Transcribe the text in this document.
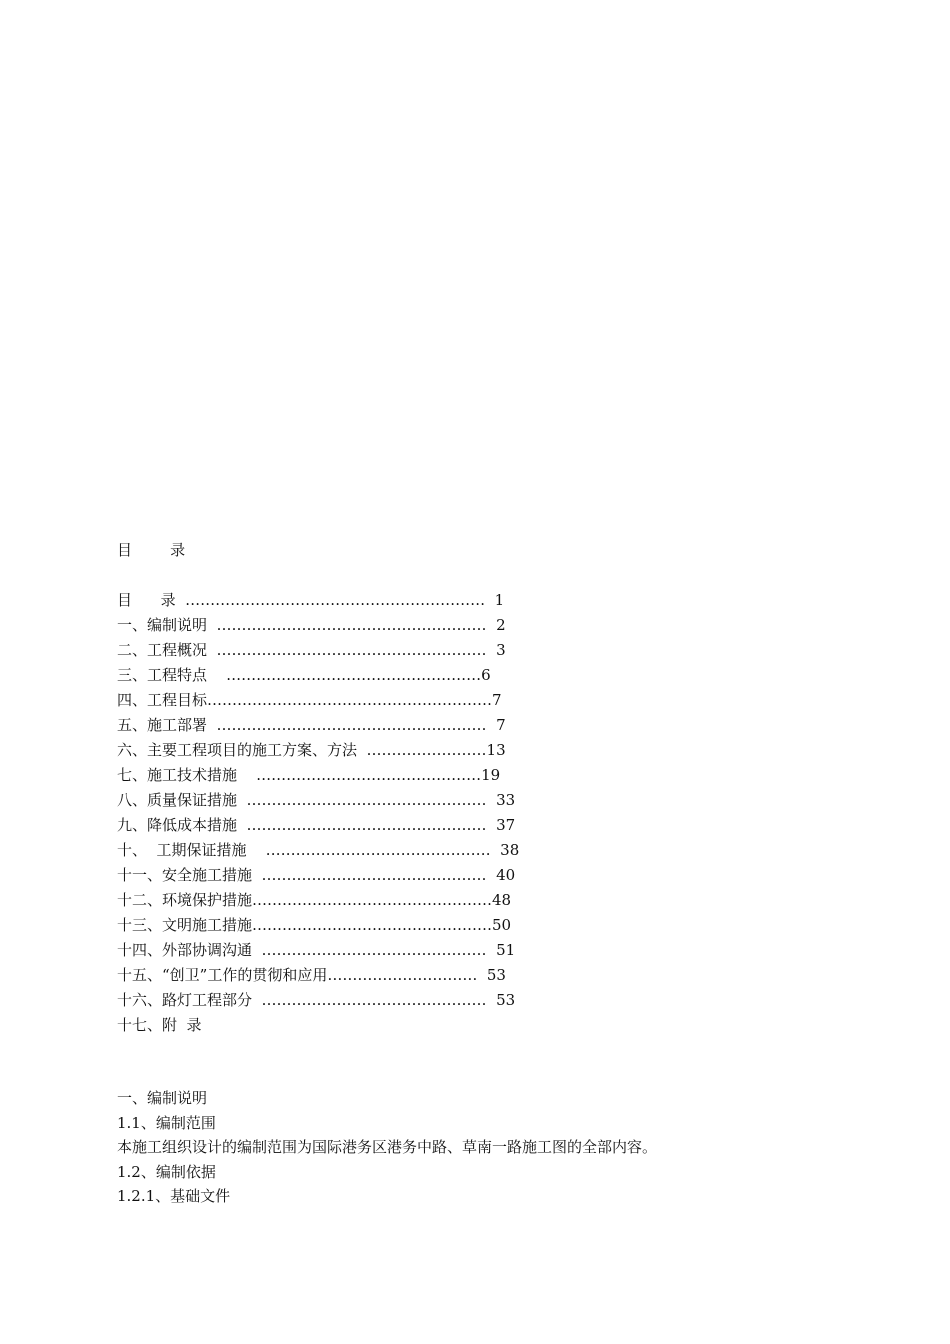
目        录
目      录  ……………………………………………………  1
一、编制说明  ………………………………………………  2
二、工程概况  ………………………………………………  3
三、工程特点    ……………………………………………6
四、工程目标…………………………………………………7
五、施工部署  ………………………………………………  7
六、主要工程项目的施工方案、方法  ……………………13
七、施工技术措施    ………………………………………19
八、质量保证措施  …………………………………………  33
九、降低成本措施  …………………………………………  37
十、  工期保证措施    ………………………………………  38
十一、安全施工措施  ………………………………………  40
十二、环境保护措施…………………………………………48
十三、文明施工措施…………………………………………50
十四、外部协调沟通  ………………………………………  51
十五、“创卫”工作的贯彻和应用…………………………  53
十六、路灯工程部分  ………………………………………  53
十七、附  录
一、编制说明
1.1、编制范围
本施工组织设计的编制范围为国际港务区港务中路、草南一路施工图的全部内容。
1.2、编制依据
1.2.1、基础文件
